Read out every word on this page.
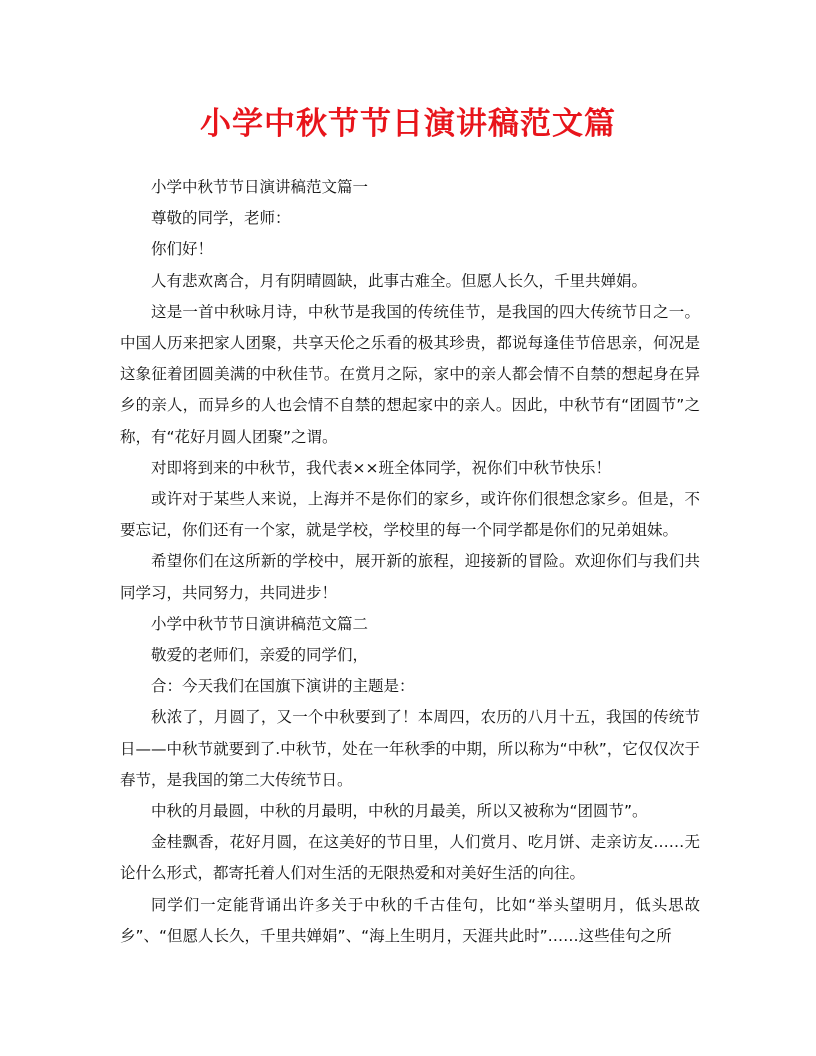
小学中秋节节日演讲稿范文篇

小学中秋节节日演讲稿范文篇一

尊敬的同学，老师：

你们好！

人有悲欢离合，月有阴晴圆缺，此事古难全。但愿人长久，千里共婵娟。

这是一首中秋咏月诗，中秋节是我国的传统佳节，是我国的四大传统节日之一。中国人历来把家人团聚，共享天伦之乐看的极其珍贵，都说每逢佳节倍思亲，何况是这象征着团圆美满的中秋佳节。在赏月之际，家中的亲人都会情不自禁的想起身在异乡的亲人，而异乡的人也会情不自禁的想起家中的亲人。因此，中秋节有“团圆节”之称，有“花好月圆人团聚”之谓。

对即将到来的中秋节，我代表××班全体同学，祝你们中秋节快乐！

或许对于某些人来说，上海并不是你们的家乡，或许你们很想念家乡。但是，不要忘记，你们还有一个家，就是学校，学校里的每一个同学都是你们的兄弟姐妹。

希望你们在这所新的学校中，展开新的旅程，迎接新的冒险。欢迎你们与我们共同学习，共同努力，共同进步！

小学中秋节节日演讲稿范文篇二

敬爱的老师们，亲爱的同学们，

合：今天我们在国旗下演讲的主题是：

秋浓了，月圆了，又一个中秋要到了！本周四，农历的八月十五，我国的传统节日——中秋节就要到了.中秋节，处在一年秋季的中期，所以称为“中秋”，它仅仅次于春节，是我国的第二大传统节日。

中秋的月最圆，中秋的月最明，中秋的月最美，所以又被称为“团圆节”。

金桂飘香，花好月圆，在这美好的节日里，人们赏月、吃月饼、走亲访友……无论什么形式，都寄托着人们对生活的无限热爱和对美好生活的向往。

同学们一定能背诵出许多关于中秋的千古佳句，比如“举头望明月，低头思故乡”、“但愿人长久，千里共婵娟”、“海上生明月，天涯共此时”……这些佳句之所
